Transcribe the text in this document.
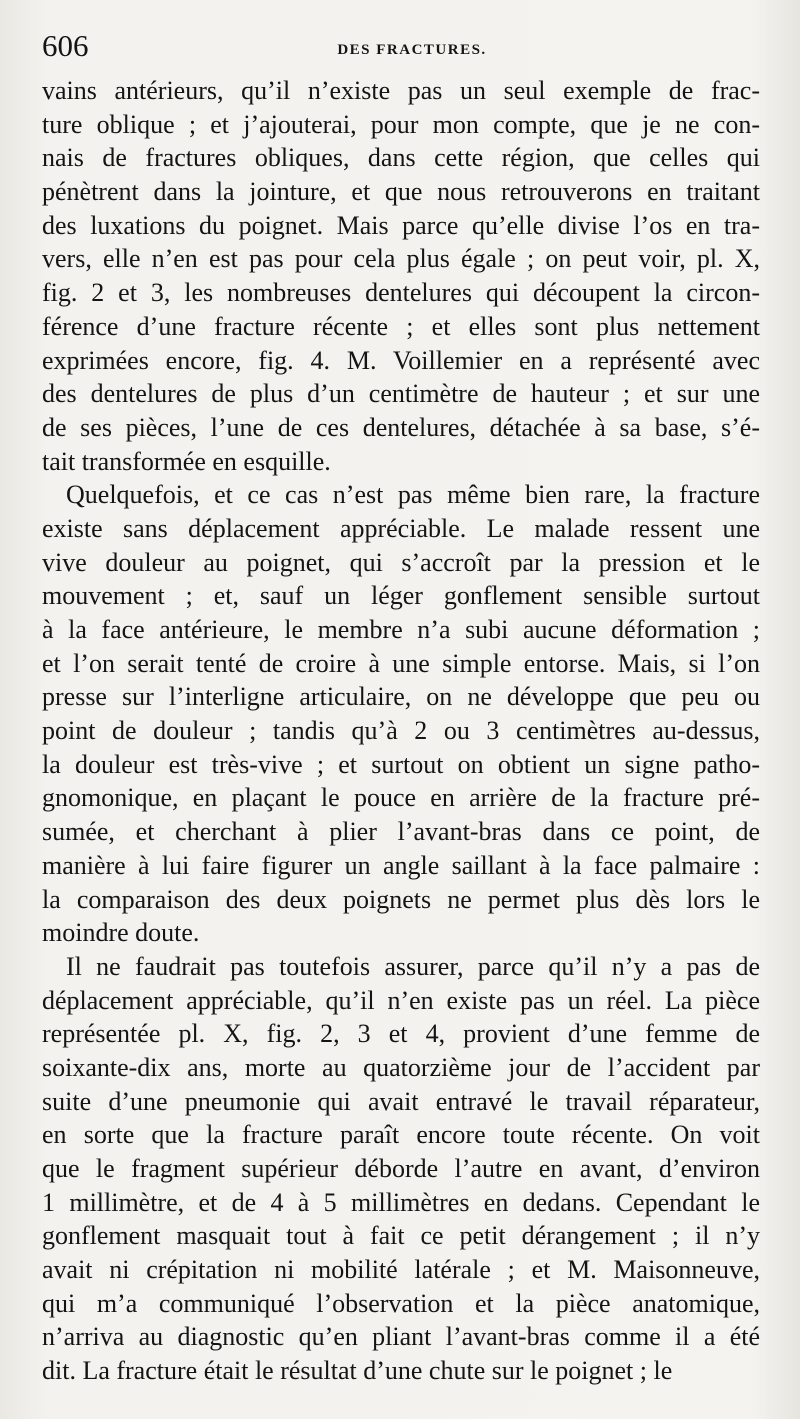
606	DES FRACTURES.
vains antérieurs, qu’il n’existe pas un seul exemple de frac-
ture oblique ; et j’ajouterai, pour mon compte, que je ne con-
nais de fractures obliques, dans cette région, que celles qui
pénètrent dans la jointure, et que nous retrouverons en traitant
des luxations du poignet. Mais parce qu’elle divise l’os en tra-
vers, elle n’en est pas pour cela plus égale ; on peut voir, pl. X,
fig. 2 et 3, les nombreuses dentelures qui découpent la circon-
férence d’une fracture récente ; et elles sont plus nettement
exprimées encore, fig. 4. M. Voillemier en a représenté avec
des dentelures de plus d’un centimètre de hauteur ; et sur une
de ses pièces, l’une de ces dentelures, détachée à sa base, s’é-
tait transformée en esquille.
Quelquefois, et ce cas n’est pas même bien rare, la fracture
existe sans déplacement appréciable. Le malade ressent une
vive douleur au poignet, qui s’accroît par la pression et le
mouvement ; et, sauf un léger gonflement sensible surtout
à la face antérieure, le membre n’a subi aucune déformation ;
et l’on serait tenté de croire à une simple entorse. Mais, si l’on
presse sur l’interligne articulaire, on ne développe que peu ou
point de douleur ; tandis qu’à 2 ou 3 centimètres au-dessus,
la douleur est très-vive ; et surtout on obtient un signe patho-
gnomonique, en plaçant le pouce en arrière de la fracture pré-
sumée, et cherchant à plier l’avant-bras dans ce point, de
manière à lui faire figurer un angle saillant à la face palmaire :
la comparaison des deux poignets ne permet plus dès lors le
moindre doute.
Il ne faudrait pas toutefois assurer, parce qu’il n’y a pas de
déplacement appréciable, qu’il n’en existe pas un réel. La pièce
représentée pl. X, fig. 2, 3 et 4, provient d’une femme de
soixante-dix ans, morte au quatorzième jour de l’accident par
suite d’une pneumonie qui avait entravé le travail réparateur,
en sorte que la fracture paraît encore toute récente. On voit
que le fragment supérieur déborde l’autre en avant, d’environ
1 millimètre, et de 4 à 5 millimètres en dedans. Cependant le
gonflement masquait tout à fait ce petit dérangement ; il n’y
avait ni crépitation ni mobilité latérale ; et M. Maisonneuve,
qui m’a communiqué l’observation et la pièce anatomique,
n’arriva au diagnostic qu’en pliant l’avant-bras comme il a été
dit. La fracture était le résultat d’une chute sur le poignet ; le
